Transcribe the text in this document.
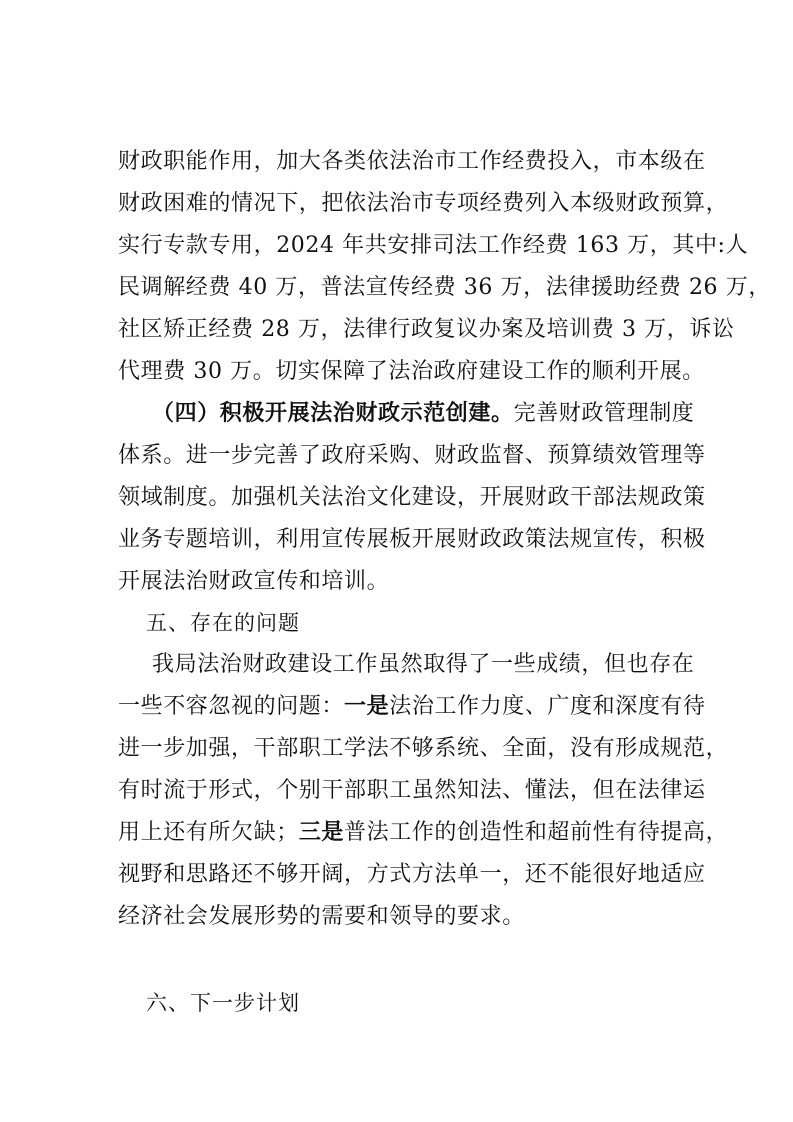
财政职能作用，加大各类依法治市工作经费投入，市本级在
财政困难的情况下，把依法治市专项经费列入本级财政预算，
实行专款专用，2024 年共安排司法工作经费 163 万，其中:人
民调解经费 40 万，普法宣传经费 36 万，法律援助经费 26 万，
社区矫正经费 28 万，法律行政复议办案及培训费 3 万，诉讼
代理费 30 万。切实保障了法治政府建设工作的顺利开展。
（四）积极开展法治财政示范创建。完善财政管理制度
体系。进一步完善了政府采购、财政监督、预算绩效管理等
领域制度。加强机关法治文化建设，开展财政干部法规政策
业务专题培训，利用宣传展板开展财政政策法规宣传，积极
开展法治财政宣传和培训。
五、存在的问题
我局法治财政建设工作虽然取得了一些成绩，但也存在
一些不容忽视的问题：一是法治工作力度、广度和深度有待
进一步加强，干部职工学法不够系统、全面，没有形成规范，
有时流于形式，个别干部职工虽然知法、懂法，但在法律运
用上还有所欠缺；三是普法工作的创造性和超前性有待提高，
视野和思路还不够开阔，方式方法单一，还不能很好地适应
经济社会发展形势的需要和领导的要求。
六、下一步计划
